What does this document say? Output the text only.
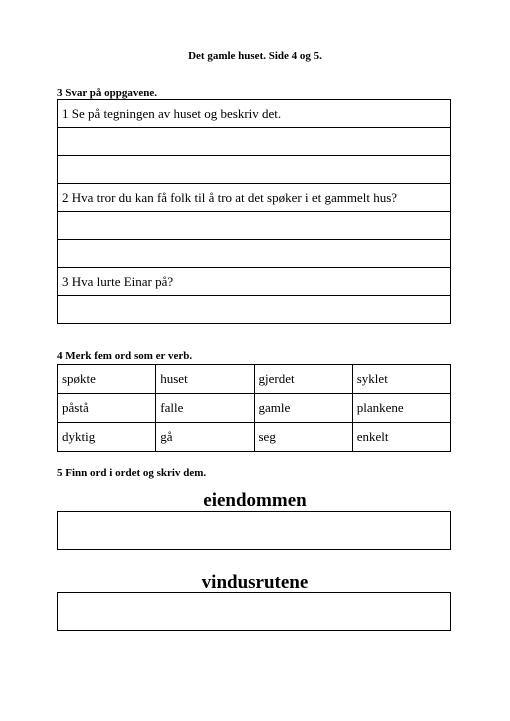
Det gamle huset. Side 4 og 5.
3 Svar på oppgavene.
1 Se på tegningen av huset og beskriv det.

2 Hva tror du kan få folk til å tro at det spøker i et gammelt hus?

3 Hva lurte Einar på?

4 Merk fem ord som er verb.
spøkte	huset	gjerdet	syklet
påstå	falle	gamle	plankene
dyktig	gå	seg	enkelt
5 Finn ord i ordet og skriv dem.
eiendommen
vindusrutene
